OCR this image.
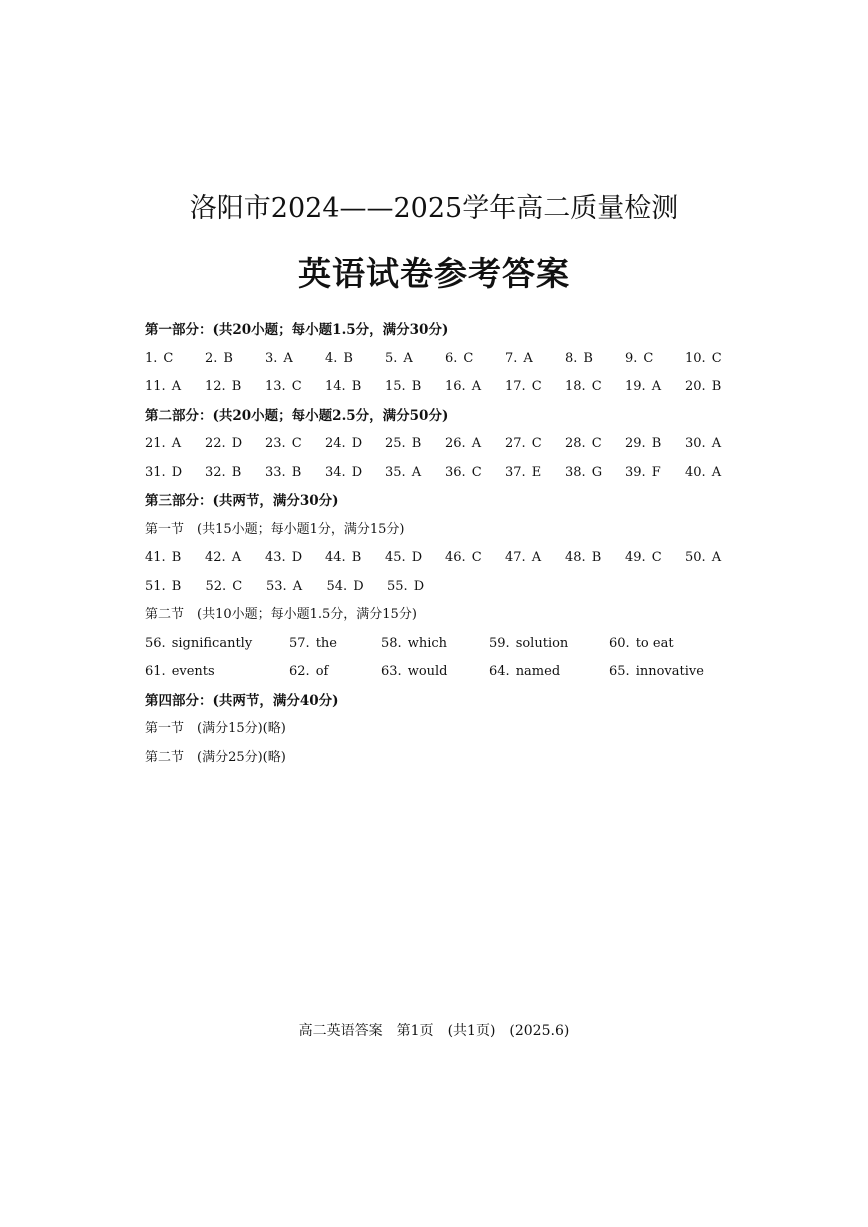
洛阳市2024——2025学年高二质量检测
英语试卷参考答案
第一部分：(共20小题；每小题1.5分，满分30分)
1. C	2. B	3. A	4. B	5. A	6. C	7. A	8. B	9. C	10. C
11. A	12. B	13. C	14. B	15. B	16. A	17. C	18. C	19. A	20. B
第二部分：(共20小题；每小题2.5分，满分50分)
21. A	22. D	23. C	24. D	25. B	26. A	27. C	28. C	29. B	30. A
31. D	32. B	33. B	34. D	35. A	36. C	37. E	38. G	39. F	40. A
第三部分：(共两节，满分30分)
第一节　(共15小题；每小题1分，满分15分)
41. B	42. A	43. D	44. B	45. D	46. C	47. A	48. B	49. C	50. A
51. B	52. C	53. A	54. D	55. D
第二节　(共10小题；每小题1.5分，满分15分)
56. significantly	57. the	58. which	59. solution	60. to eat
61. events	62. of	63. would	64. named	65. innovative
第四部分：(共两节，满分40分)
第一节　(满分15分)(略)
第二节　(满分25分)(略)
高二英语答案　第1页　(共1页)　(2025.6)
